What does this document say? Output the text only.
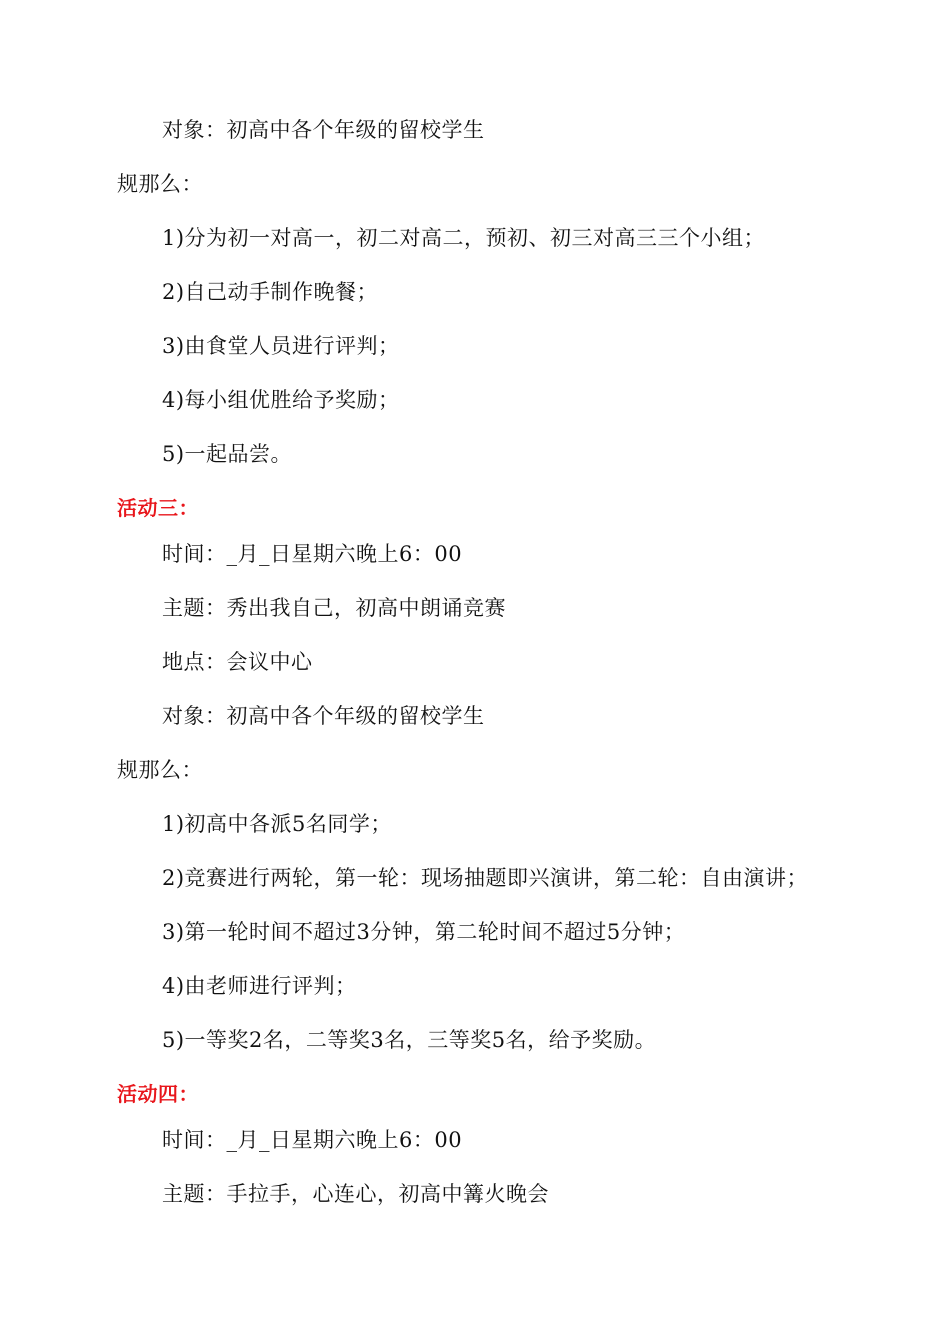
对象：初高中各个年级的留校学生
规那么：
1)分为初一对高一，初二对高二，预初、初三对高三三个小组；
2)自己动手制作晚餐；
3)由食堂人员进行评判；
4)每小组优胜给予奖励；
5)一起品尝。
活动三：
时间：_月_日星期六晚上6：00
主题：秀出我自己，初高中朗诵竞赛
地点：会议中心
对象：初高中各个年级的留校学生
规那么：
1)初高中各派5名同学；
2)竞赛进行两轮，第一轮：现场抽题即兴演讲，第二轮：自由演讲；
3)第一轮时间不超过3分钟，第二轮时间不超过5分钟；
4)由老师进行评判；
5)一等奖2名，二等奖3名，三等奖5名，给予奖励。
活动四：
时间：_月_日星期六晚上6：00
主题：手拉手，心连心，初高中篝火晚会
